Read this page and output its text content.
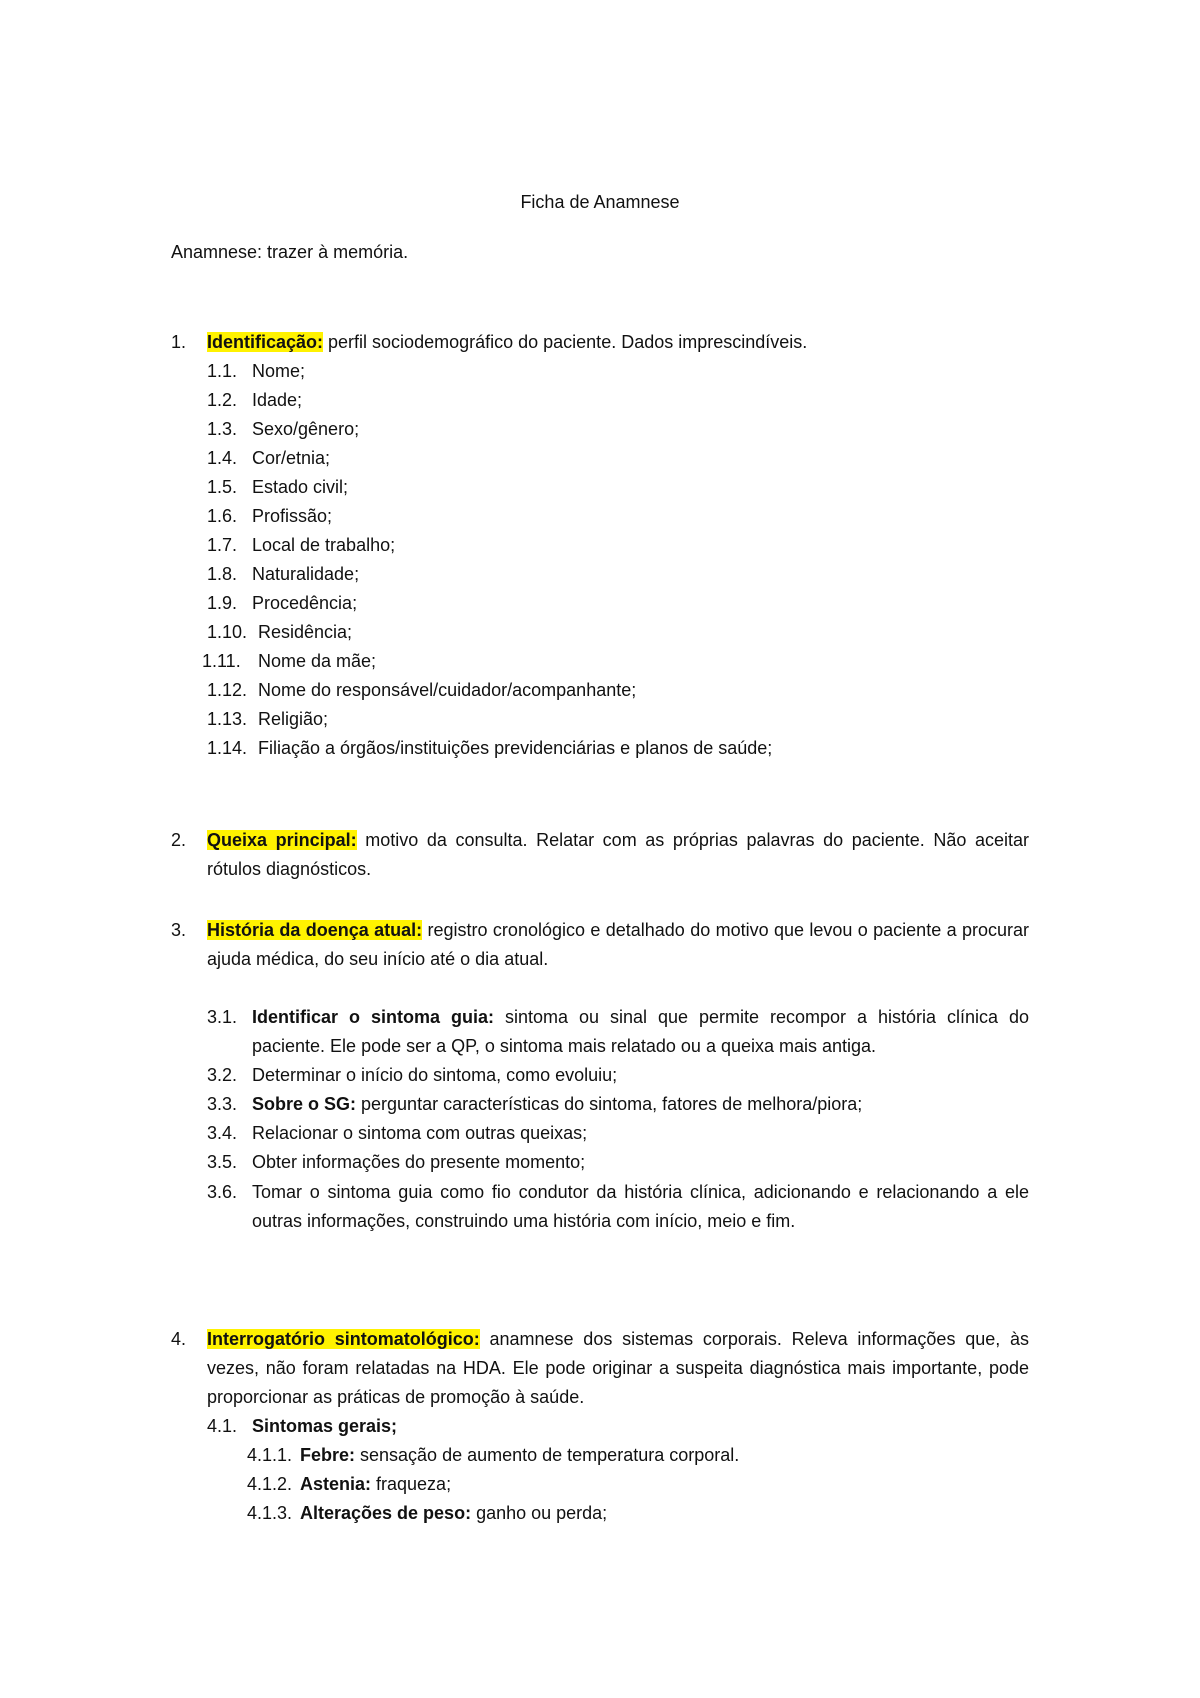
Ficha de Anamnese
Anamnese: trazer à memória.
1. Identificação: perfil sociodemográfico do paciente. Dados imprescindíveis.
1.1. Nome;
1.2. Idade;
1.3. Sexo/gênero;
1.4. Cor/etnia;
1.5. Estado civil;
1.6. Profissão;
1.7. Local de trabalho;
1.8. Naturalidade;
1.9. Procedência;
1.10. Residência;
1.11. Nome da mãe;
1.12. Nome do responsável/cuidador/acompanhante;
1.13. Religião;
1.14. Filiação a órgãos/instituições previdenciárias e planos de saúde;
2. Queixa principal: motivo da consulta. Relatar com as próprias palavras do paciente. Não aceitar rótulos diagnósticos.
3. História da doença atual: registro cronológico e detalhado do motivo que levou o paciente a procurar ajuda médica, do seu início até o dia atual.
3.1. Identificar o sintoma guia: sintoma ou sinal que permite recompor a história clínica do paciente. Ele pode ser a QP, o sintoma mais relatado ou a queixa mais antiga.
3.2. Determinar o início do sintoma, como evoluiu;
3.3. Sobre o SG: perguntar características do sintoma, fatores de melhora/piora;
3.4. Relacionar o sintoma com outras queixas;
3.5. Obter informações do presente momento;
3.6. Tomar o sintoma guia como fio condutor da história clínica, adicionando e relacionando a ele outras informações, construindo uma história com início, meio e fim.
4. Interrogatório sintomatológico: anamnese dos sistemas corporais. Releva informações que, às vezes, não foram relatadas na HDA. Ele pode originar a suspeita diagnóstica mais importante, pode proporcionar as práticas de promoção à saúde.
4.1. Sintomas gerais;
4.1.1. Febre: sensação de aumento de temperatura corporal.
4.1.2. Astenia: fraqueza;
4.1.3. Alterações de peso: ganho ou perda;
